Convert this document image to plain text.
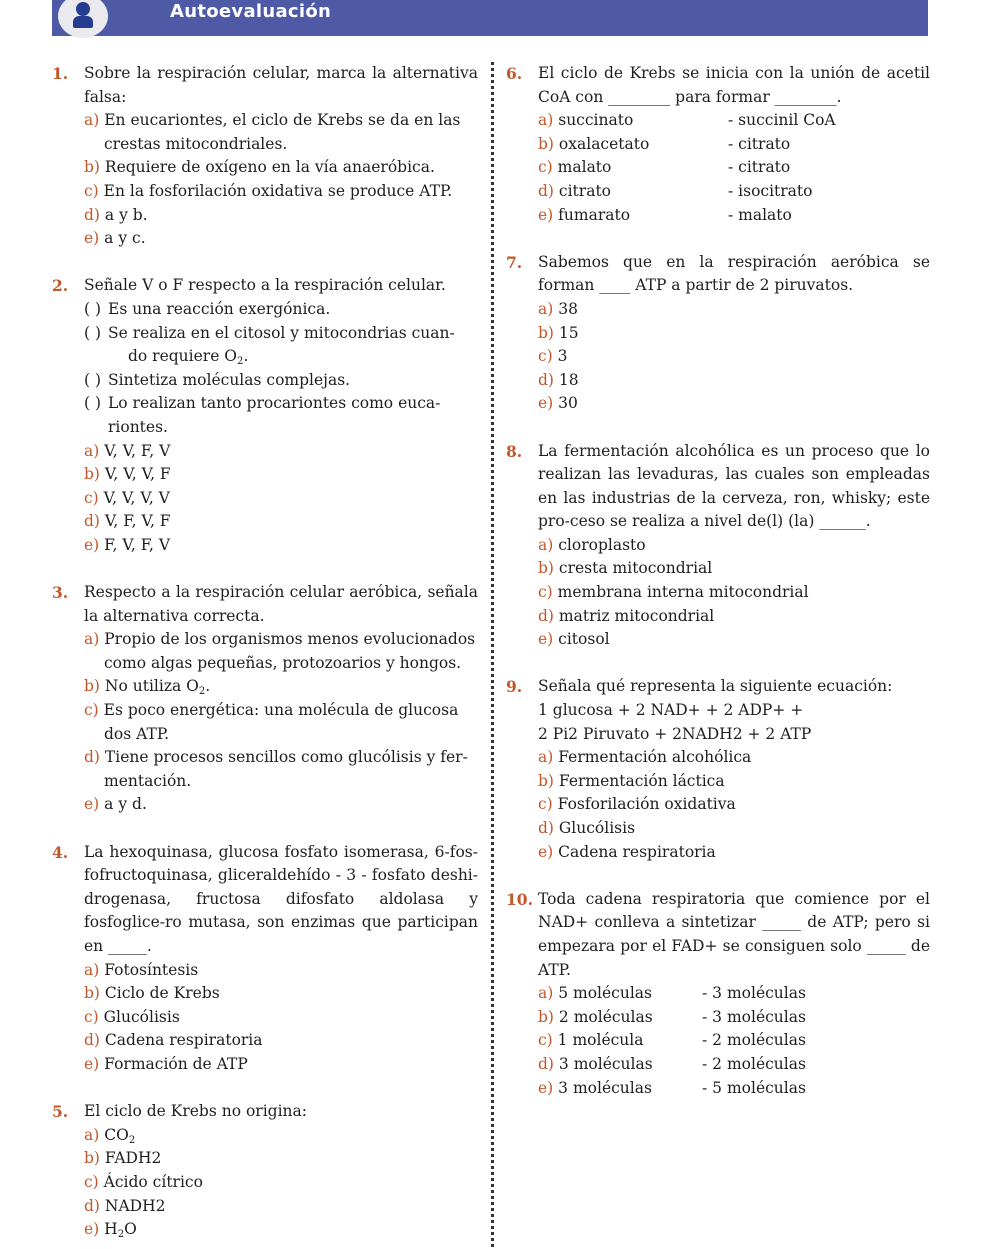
Autoevaluación
1.	Sobre la respiración celular, marca la alternativa falsa:
a) En eucariontes, el ciclo de Krebs se da en las
crestas mitocondriales.
b) Requiere de oxígeno en la vía anaeróbica.
c) En la fosforilación oxidativa se produce ATP.
d) a y b.
e) a y c.
2.	Señale V o F respecto a la respiración celular.
( ) Es una reacción exergónica.
( ) Se realiza en el citosol y mitocondrias cuan-
do requiere $O_2$.
( ) Sintetiza moléculas complejas.
( ) Lo realizan tanto procariontes como euca-
riontes.
a) V, V, F, V
b) V, V, V, F
c) V, V, V, V
d) V, F, V, F
e) F, V, F, V
3.	Respecto a la respiración celular aeróbica, señala la alternativa correcta.
a) Propio de los organismos menos evolucionados
como algas pequeñas, protozoarios y hongos.
b) No utiliza $O_2$.
c) Es poco energética: una molécula de glucosa
dos ATP.
d) Tiene procesos sencillos como glucólisis y fer-
mentación.
e) a y d.
4.	La hexoquinasa, glucosa fosfato isomerasa, 6-fos-fofructoquinasa, gliceraldehído - 3 - fosfato deshi-drogenasa, fructosa difosfato aldolasa y fosfoglice-ro mutasa, son enzimas que participan en _____.
a) Fotosíntesis
b) Ciclo de Krebs
c) Glucólisis
d) Cadena respiratoria
e) Formación de ATP
5.	El ciclo de Krebs no origina:
a) $CO_2$
b) FADH2
c) Ácido cítrico
d) NADH2
e) $H_2O$
6.	El ciclo de Krebs se inicia con la unión de acetil CoA con ________ para formar ________.
a) succinato	- succinil CoA
b) oxalacetato	- citrato
c) malato	- citrato
d) citrato	- isocitrato
e) fumarato	- malato
7.	Sabemos que en la respiración aeróbica se forman ____ ATP a partir de 2 piruvatos.
a) 38
b) 15
c) 3
d) 18
e) 30
8.	La fermentación alcohólica es un proceso que lo realizan las levaduras, las cuales son empleadas en las industrias de la cerveza, ron, whisky; este pro-ceso se realiza a nivel de(l) (la) ______.
a) cloroplasto
b) cresta mitocondrial
c) membrana interna mitocondrial
d) matriz mitocondrial
e) citosol
9.	Señala qué representa la siguiente ecuación:
1 glucosa + 2 NAD+ + 2 ADP+ +
2 Pi2 Piruvato + 2NADH2 + 2 ATP
a) Fermentación alcohólica
b) Fermentación láctica
c) Fosforilación oxidativa
d) Glucólisis
e) Cadena respiratoria
10. Toda cadena respiratoria que comience por el NAD+ conlleva a sintetizar _____ de ATP; pero si empezara por el FAD+ se consiguen solo _____ de ATP.
a) 5 moléculas	- 3 moléculas
b) 2 moléculas	- 3 moléculas
c) 1 molécula	- 2 moléculas
d) 3 moléculas	- 2 moléculas
e) 3 moléculas	- 5 moléculas
